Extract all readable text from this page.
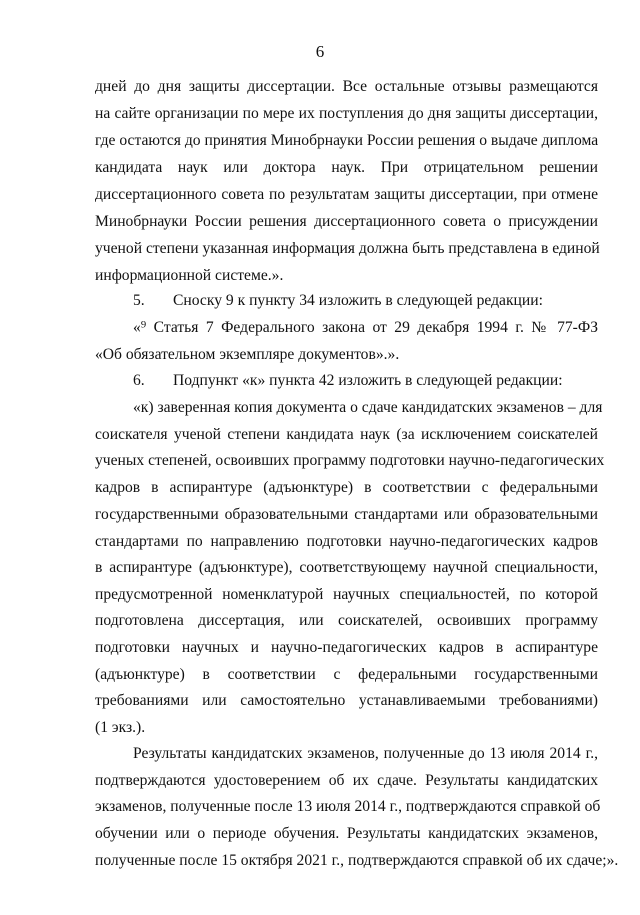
6
дней до дня защиты диссертации. Все остальные отзывы размещаются
на сайте организации по мере их поступления до дня защиты диссертации,
где остаются до принятия Минобрнауки России решения о выдаче диплома
кандидата наук или доктора наук. При отрицательном решении
диссертационного совета по результатам защиты диссертации, при отмене
Минобрнауки России решения диссертационного совета о присуждении
ученой степени указанная информация должна быть представлена в единой
информационной системе.».
5. Сноску 9 к пункту 34 изложить в следующей редакции:
«⁹ Статья 7 Федерального закона от 29 декабря 1994 г. № 77-ФЗ
«Об обязательном экземпляре документов».».
6. Подпункт «к» пункта 42 изложить в следующей редакции:
«к) заверенная копия документа о сдаче кандидатских экзаменов – для
соискателя ученой степени кандидата наук (за исключением соискателей
ученых степеней, освоивших программу подготовки научно-педагогических
кадров в аспирантуре (адъюнктуре) в соответствии с федеральными
государственными образовательными стандартами или образовательными
стандартами по направлению подготовки научно-педагогических кадров
в аспирантуре (адъюнктуре), соответствующему научной специальности,
предусмотренной номенклатурой научных специальностей, по которой
подготовлена диссертация, или соискателей, освоивших программу
подготовки научных и научно-педагогических кадров в аспирантуре
(адъюнктуре) в соответствии с федеральными государственными
требованиями или самостоятельно устанавливаемыми требованиями)
(1 экз.).
Результаты кандидатских экзаменов, полученные до 13 июля 2014 г.,
подтверждаются удостоверением об их сдаче. Результаты кандидатских
экзаменов, полученные после 13 июля 2014 г., подтверждаются справкой об
обучении или о периоде обучения. Результаты кандидатских экзаменов,
полученные после 15 октября 2021 г., подтверждаются справкой об их сдаче;».
